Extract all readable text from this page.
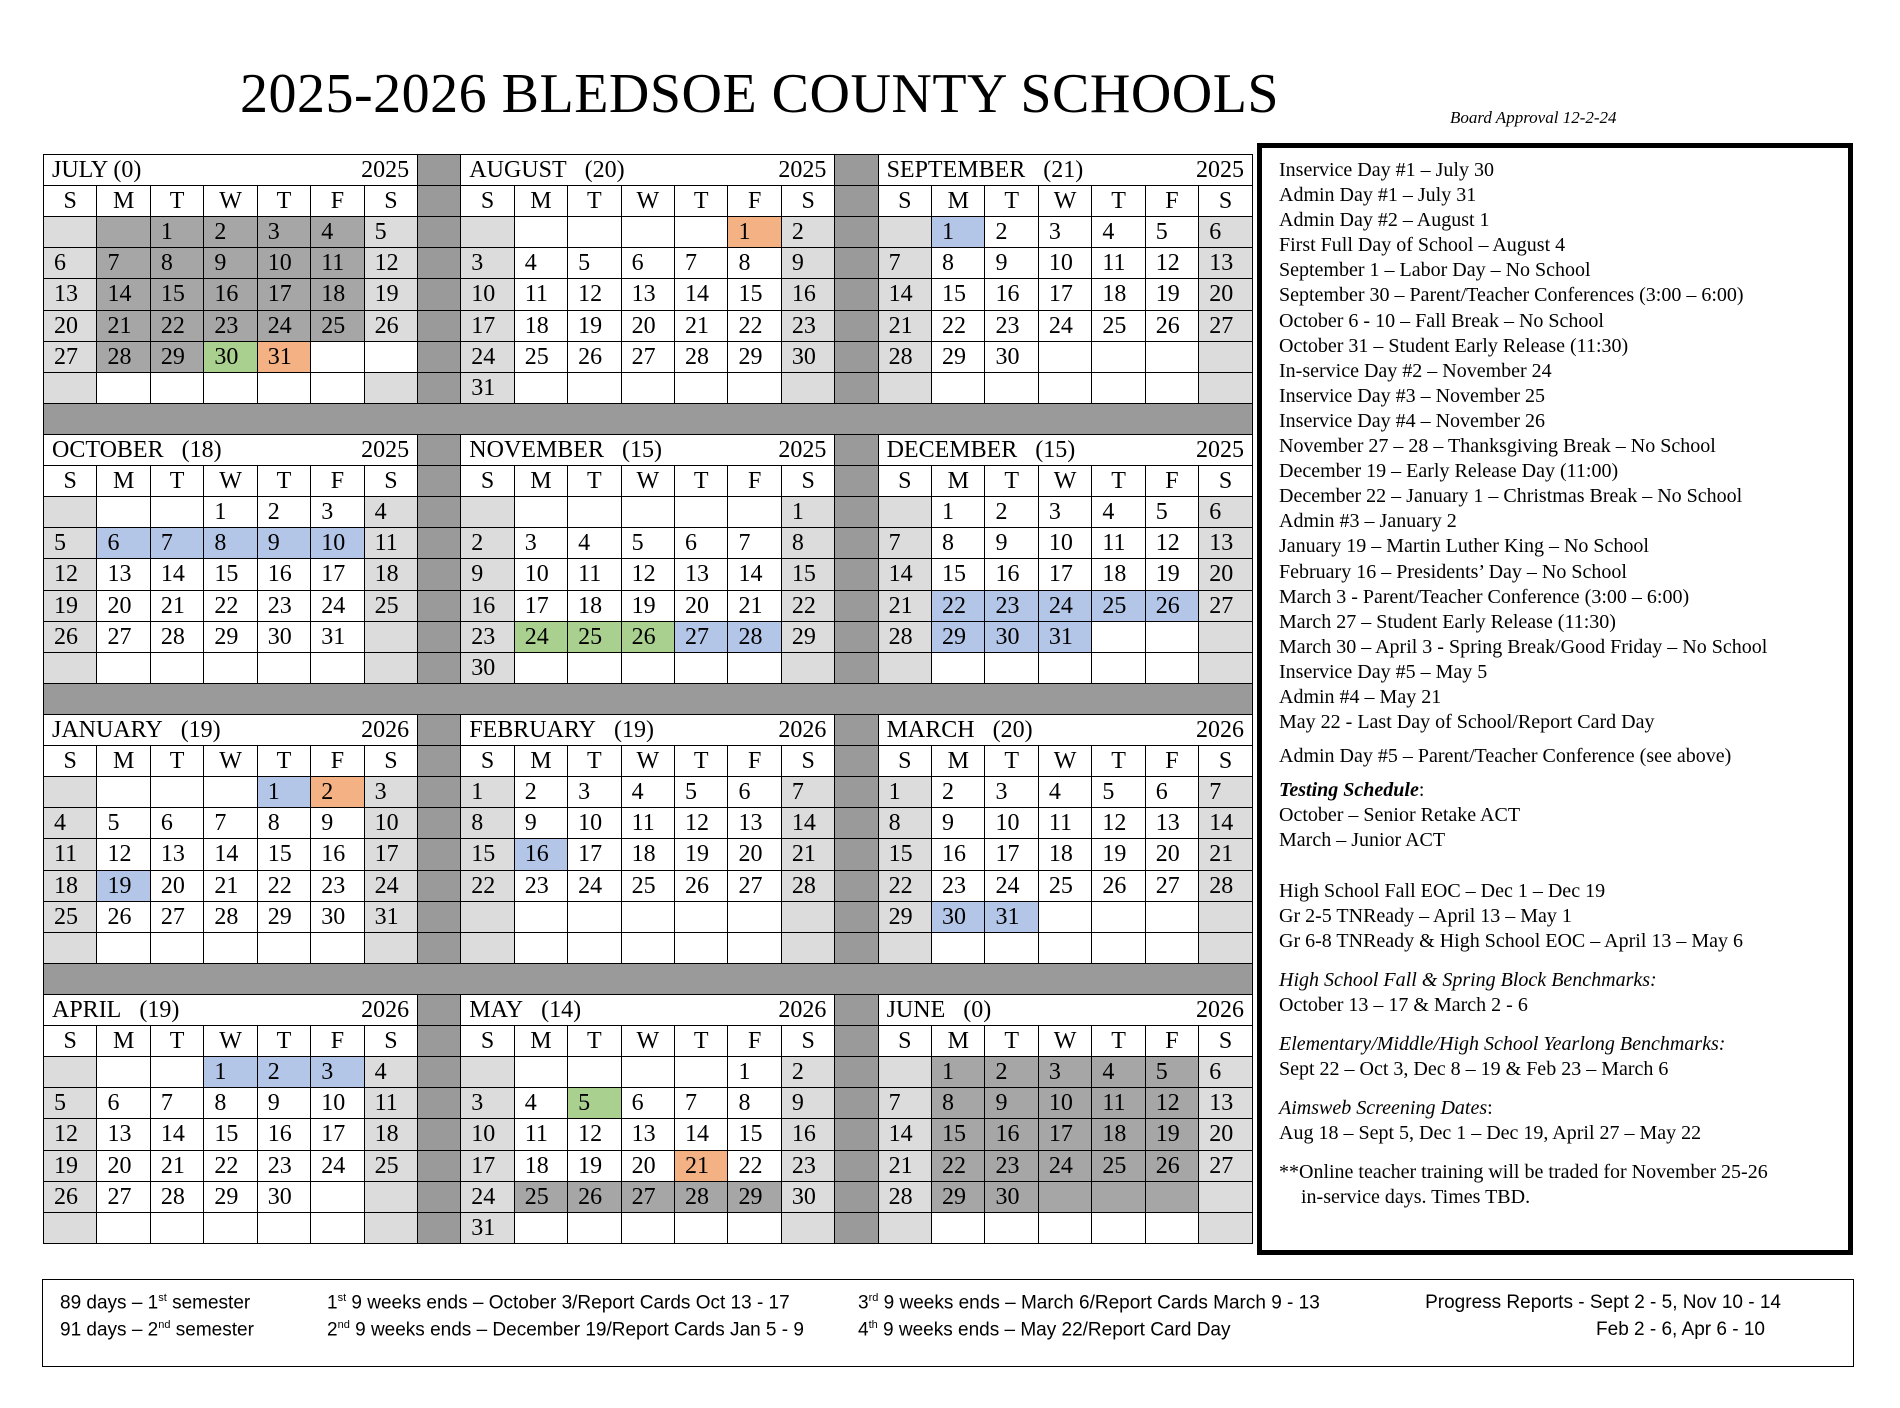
2025-2026 BLEDSOE COUNTY SCHOOLS	Board Approval 12-2-24
JULY (0) 2025								AUGUST (20) 2025								SEPTEMBER (21) 2025						

S	M	T	W	T	F	S		S	M	T	W	T	F	S		S	M	T	W	T	F	S
		1	2	3	4	5							1	2			1	2	3	4	5	6
6	7	8	9	10	11	12		3	4	5	6	7	8	9		7	8	9	10	11	12	13
13	14	15	16	17	18	19		10	11	12	13	14	15	16		14	15	16	17	18	19	20
20	21	22	23	24	25	26		17	18	19	20	21	22	23		21	22	23	24	25	26	27
27	28	29	30	31				24	25	26	27	28	29	30		28	29	30				
								31														

OCTOBER (18) 2025								NOVEMBER (15) 2025								DECEMBER (15) 2025						

S	M	T	W	T	F	S		S	M	T	W	T	F	S		S	M	T	W	T	F	S
			1	2	3	4								1			1	2	3	4	5	6
5	6	7	8	9	10	11		2	3	4	5	6	7	8		7	8	9	10	11	12	13
12	13	14	15	16	17	18		9	10	11	12	13	14	15		14	15	16	17	18	19	20
19	20	21	22	23	24	25		16	17	18	19	20	21	22		21	22	23	24	25	26	27
26	27	28	29	30	31			23	24	25	26	27	28	29		28	29	30	31			
								30														

JANUARY (19) 2026								FEBRUARY (19) 2026								MARCH (20) 2026						

S	M	T	W	T	F	S		S	M	T	W	T	F	S		S	M	T	W	T	F	S
				1	2	3		1	2	3	4	5	6	7		1	2	3	4	5	6	7
4	5	6	7	8	9	10		8	9	10	11	12	13	14		8	9	10	11	12	13	14
11	12	13	14	15	16	17		15	16	17	18	19	20	21		15	16	17	18	19	20	21
18	19	20	21	22	23	24		22	23	24	25	26	27	28		22	23	24	25	26	27	28
25	26	27	28	29	30	31										29	30	31				

APRIL (19) 2026								MAY (14) 2026								JUNE (0) 2026						

S	M	T	W	T	F	S		S	M	T	W	T	F	S		S	M	T	W	T	F	S
			1	2	3	4							1	2			1	2	3	4	5	6
5	6	7	8	9	10	11		3	4	5	6	7	8	9		7	8	9	10	11	12	13
12	13	14	15	16	17	18		10	11	12	13	14	15	16		14	15	16	17	18	19	20
19	20	21	22	23	24	25		17	18	19	20	21	22	23		21	22	23	24	25	26	27
26	27	28	29	30				24	25	26	27	28	29	30		28	29	30				
								31														
Inservice Day #1 – July 30
Admin Day #1 – July 31
Admin Day #2 – August 1
First Full Day of School – August 4
September 1 – Labor Day – No School
September 30 – Parent/Teacher Conferences (3:00 – 6:00)
October 6 - 10 – Fall Break – No School
October 31 – Student Early Release (11:30)
In-service Day #2 – November 24
Inservice Day #3 – November 25
Inservice Day #4 – November 26
November 27 – 28 – Thanksgiving Break – No School
December 19 – Early Release Day (11:00)
December 22 – January 1 – Christmas Break – No School
Admin #3 – January 2
January 19 – Martin Luther King – No School
February 16 – Presidents’ Day – No School
March 3 - Parent/Teacher Conference (3:00 – 6:00)
March 27 – Student Early Release (11:30)
March 30 – April 3 - Spring Break/Good Friday – No School
Inservice Day #5 – May 5
Admin #4 – May 21
May 22 - Last Day of School/Report Card Day
Admin Day #5 – Parent/Teacher Conference (see above)
Testing Schedule:
October – Senior Retake ACT
March – Junior ACT
High School Fall EOC – Dec 1 – Dec 19
Gr 2-5 TNReady – April 13 – May 1
Gr 6-8 TNReady & High School EOC – April 13 – May 6
High School Fall & Spring Block Benchmarks:
October 13 – 17 & March 2 - 6
Elementary/Middle/High School Yearlong Benchmarks:
Sept 22 – Oct 3, Dec 8 – 19 & Feb 23 – March 6
Aimsweb Screening Dates:
Aug 18 – Sept 5, Dec 1 – Dec 19, April 27 – May 22
**Online teacher training will be traded for November 25-26
in-service days. Times TBD.
89 days – 1st semester
91 days – 2nd semester
1st 9 weeks ends – October 3/Report Cards Oct 13 - 17
2nd 9 weeks ends – December 19/Report Cards Jan 5 - 9
3rd 9 weeks ends – March 6/Report Cards March 9 - 13
4th 9 weeks ends – May 22/Report Card Day
Progress Reports - Sept 2 - 5, Nov 10 - 14
Feb 2 - 6, Apr 6 - 10
